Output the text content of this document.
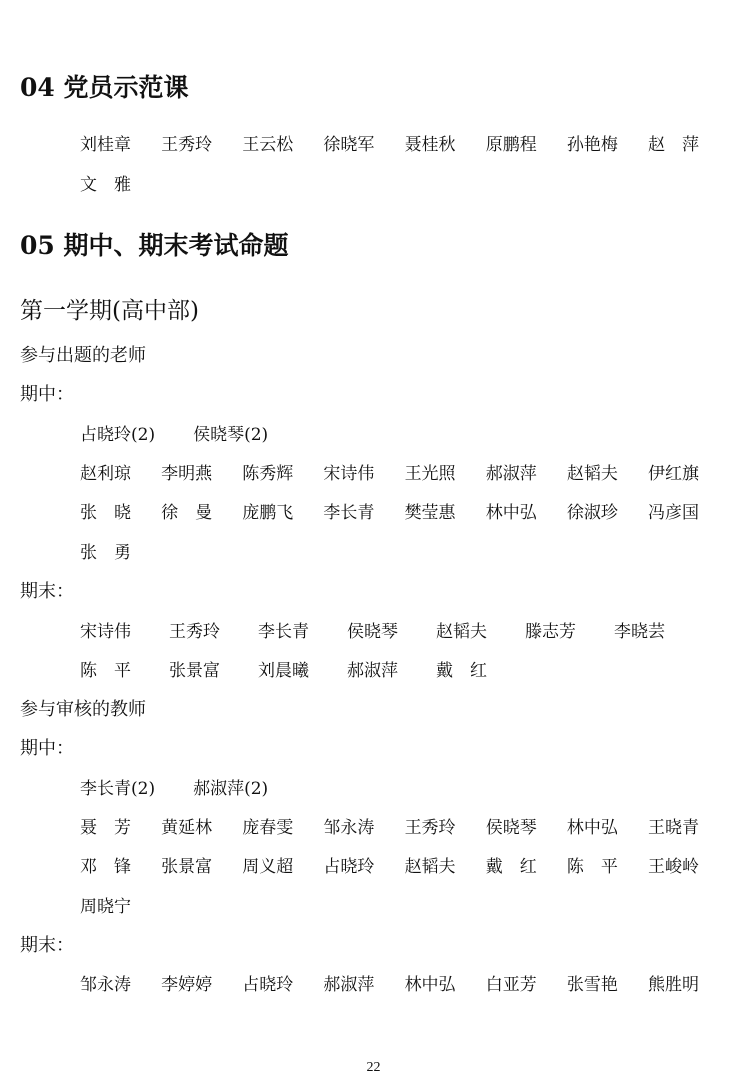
04 党员示范课
刘桂章 王秀玲 王云松 徐晓军 聂桂秋 原鹏程 孙艳梅 赵　萍
文　雅
05 期中、期末考试命题
第一学期(高中部)
参与出题的老师
期中：
占晓玲(2) 侯晓琴(2)
赵利琼 李明燕 陈秀辉 宋诗伟 王光照 郝淑萍 赵韬夫 伊红旗
张　晓 徐　曼 庞鹏飞 李长青 樊莹惠 林中弘 徐淑珍 冯彦国
张　勇
期末：
宋诗伟 王秀玲 李长青 侯晓琴 赵韬夫 滕志芳 李晓芸
陈　平 张景富 刘晨曦 郝淑萍 戴　红
参与审核的教师
期中：
李长青(2) 郝淑萍(2)
聂　芳 黄延林 庞春雯 邹永涛 王秀玲 侯晓琴 林中弘 王晓青
邓　锋 张景富 周义超 占晓玲 赵韬夫 戴　红 陈　平 王峻岭
周晓宁
期末：
邹永涛 李婷婷 占晓玲 郝淑萍 林中弘 白亚芳 张雪艳 熊胜明
22
